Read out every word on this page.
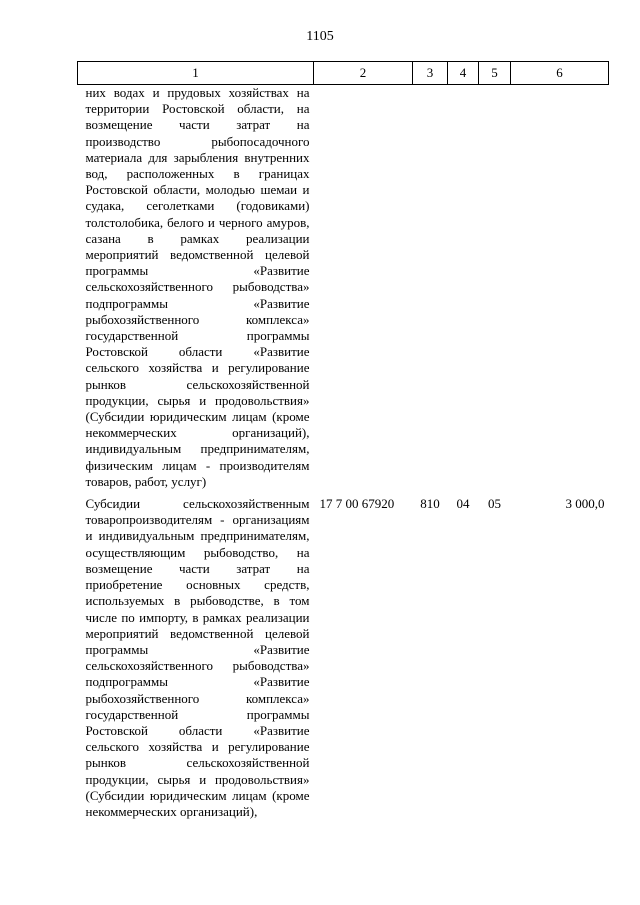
1105
1	2	3	4	5	6

них водах и прудовых хозяйствах на территории Ростовской области, на возмещение части затрат на производство рыбопосадочного материала для зарыбления внутренних вод, расположенных в границах Ростовской области, молодью шемаи и судака, сеголетками (годовиками) толстолобика, белого и черного амуров, сазана в рамках реализации мероприятий ведомственной целевой программы «Развитие сельскохозяйственного рыбоводства» подпрограммы «Развитие рыбохозяйственного комплекса» государственной программы Ростовской области «Развитие сельского хозяйства и регулирование рынков сельскохозяйственной продукции, сырья и продовольствия» (Субсидии юридическим лицам (кроме некоммерческих организаций), индивидуальным предпринимателям, физическим лицам - производителям товаров, работ, услуг)					

Субсидии сельскохозяйственным товаропроизводителям - организациям и индивидуальным предпринимателям, осуществляющим рыбоводство, на возмещение части затрат на приобретение основных средств, используемых в рыбоводстве, в том числе по импорту, в рамках реализации мероприятий ведомственной целевой программы «Развитие сельскохозяйственного рыбоводства» подпрограммы «Развитие рыбохозяйственного комплекса» государственной программы Ростовской области «Развитие сельского хозяйства и регулирование рынков сельскохозяйственной продукции, сырья и продовольствия» (Субсидии юридическим лицам (кроме некоммерческих организаций),	17 7 00 67920	810	04	05	3 000,0
